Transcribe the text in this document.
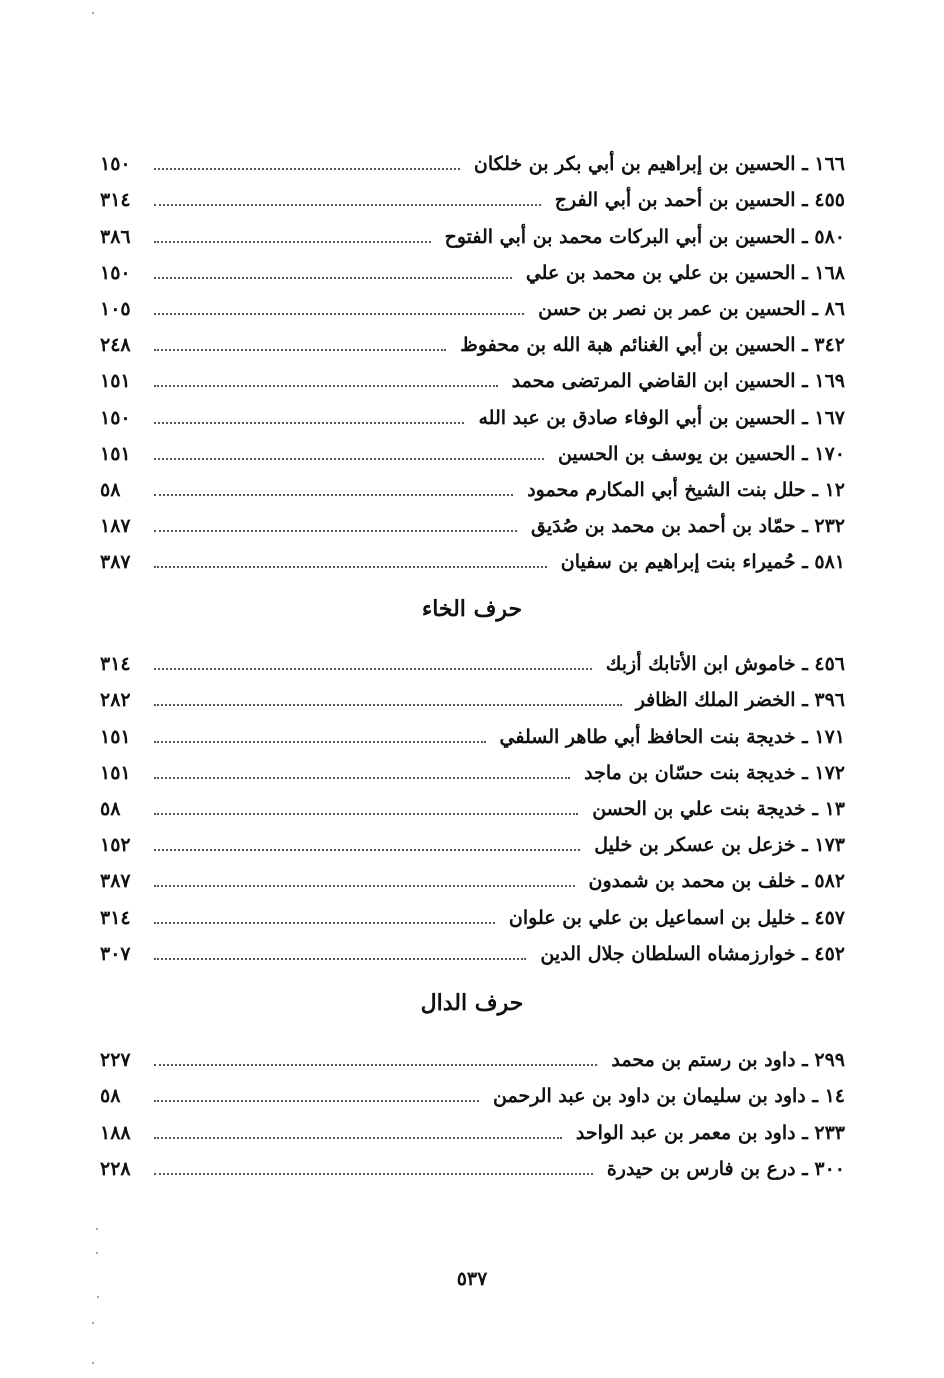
١٦٦ ـ الحسين بن إبراهيم بن أبي بكر بن خلكان
١٥٠
٤٥٥ ـ الحسين بن أحمد بن أبي الفرج
٣١٤
٥٨٠ ـ الحسين بن أبي البركات محمد بن أبي الفتوح
٣٨٦
١٦٨ ـ الحسين بن علي بن محمد بن علي
١٥٠
٨٦ ـ الحسين بن عمر بن نصر بن حسن
١٠٥
٣٤٢ ـ الحسين بن أبي الغنائم هبة الله بن محفوظ
٢٤٨
١٦٩ ـ الحسين ابن القاضي المرتضى محمد
١٥١
١٦٧ ـ الحسين بن أبي الوفاء صادق بن عبد الله
١٥٠
١٧٠ ـ الحسين بن يوسف بن الحسين
١٥١
١٢ ـ حلل بنت الشيخ أبي المكارم محمود
٥٨
٢٣٢ ـ حمّاد بن أحمد بن محمد بن صُدَيق
١٨٧
٥٨١ ـ حُميراء بنت إبراهيم بن سفيان
٣٨٧
حرف الخاء
٤٥٦ ـ خاموش ابن الأتابك أزبك
٣١٤
٣٩٦ ـ الخضر الملك الظافر
٢٨٢
١٧١ ـ خديجة بنت الحافظ أبي طاهر السلفي
١٥١
١٧٢ ـ خديجة بنت حسّان بن ماجد
١٥١
١٣ ـ خديجة بنت علي بن الحسن
٥٨
١٧٣ ـ خزعل بن عسكر بن خليل
١٥٢
٥٨٢ ـ خلف بن محمد بن شمدون
٣٨٧
٤٥٧ ـ خليل بن اسماعيل بن علي بن علوان
٣١٤
٤٥٢ ـ خوارزمشاه السلطان جلال الدين
٣٠٧
حرف الدال
٢٩٩ ـ داود بن رستم بن محمد
٢٢٧
١٤ ـ داود بن سليمان بن داود بن عبد الرحمن
٥٨
٢٣٣ ـ داود بن معمر بن عبد الواحد
١٨٨
٣٠٠ ـ درع بن فارس بن حيدرة
٢٢٨
٥٣٧
